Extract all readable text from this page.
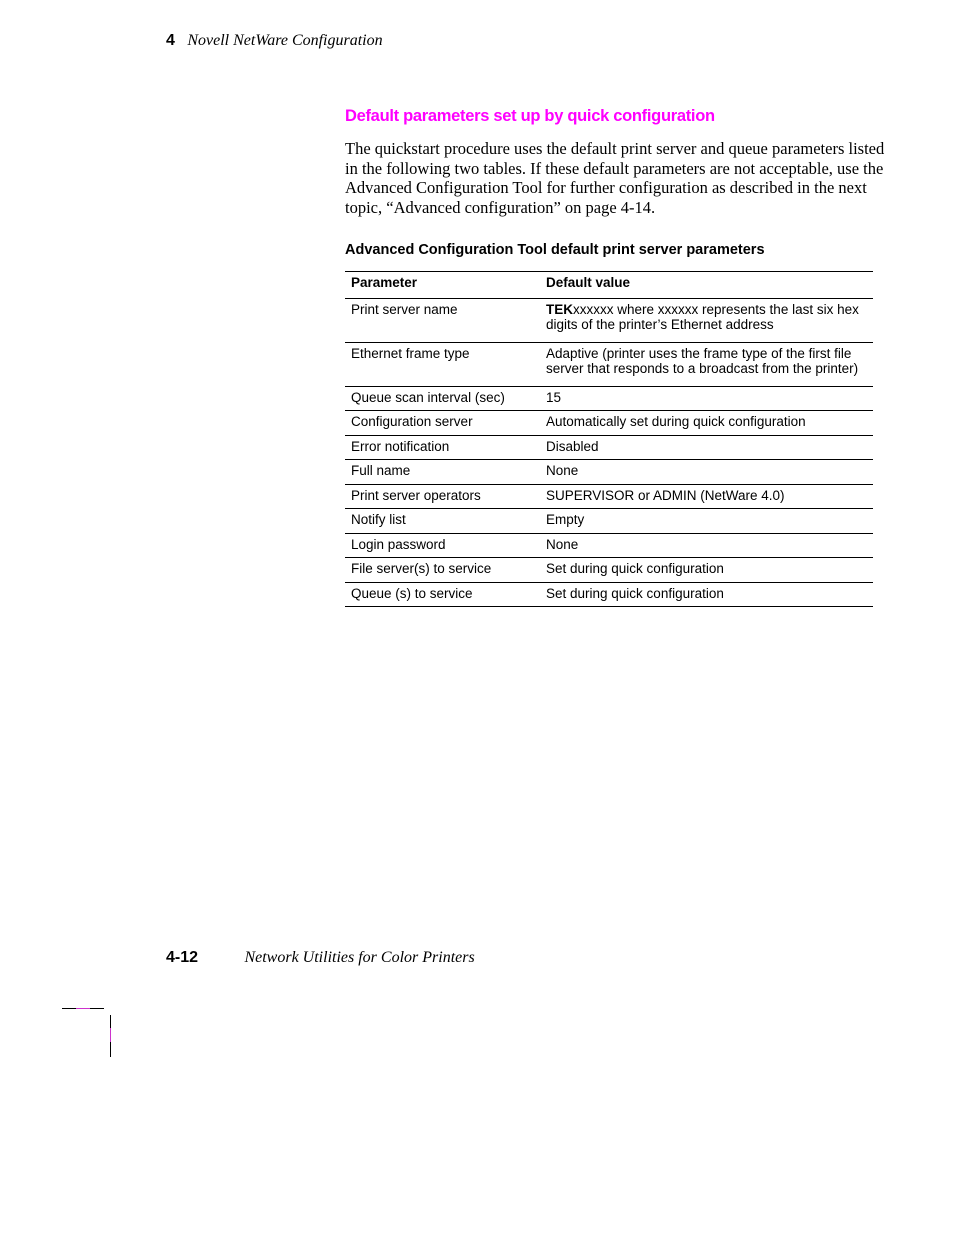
4 Novell NetWare Configuration
Default parameters set up by quick configuration

The quickstart procedure uses the default print server and queue parameters listed in the following two tables. If these default parameters are not acceptable, use the Advanced Configuration Tool for further configuration as described in the next topic, “Advanced configuration” on page 4-14.

Advanced Configuration Tool default print server parameters
Parameter	Default value
Print server name	TEKxxxxxx where xxxxxx represents the last six hex digits of the printer’s Ethernet address
Ethernet frame type	Adaptive (printer uses the frame type of the first file server that responds to a broadcast from the printer)
Queue scan interval (sec)	15
Configuration server	Automatically set during quick configuration
Error notification	Disabled
Full name	None
Print server operators	SUPERVISOR or ADMIN (NetWare 4.0)
Notify list	Empty
Login password	None
File server(s) to service	Set during quick configuration
Queue (s) to service	Set during quick configuration
4-12	Network Utilities for Color Printers
